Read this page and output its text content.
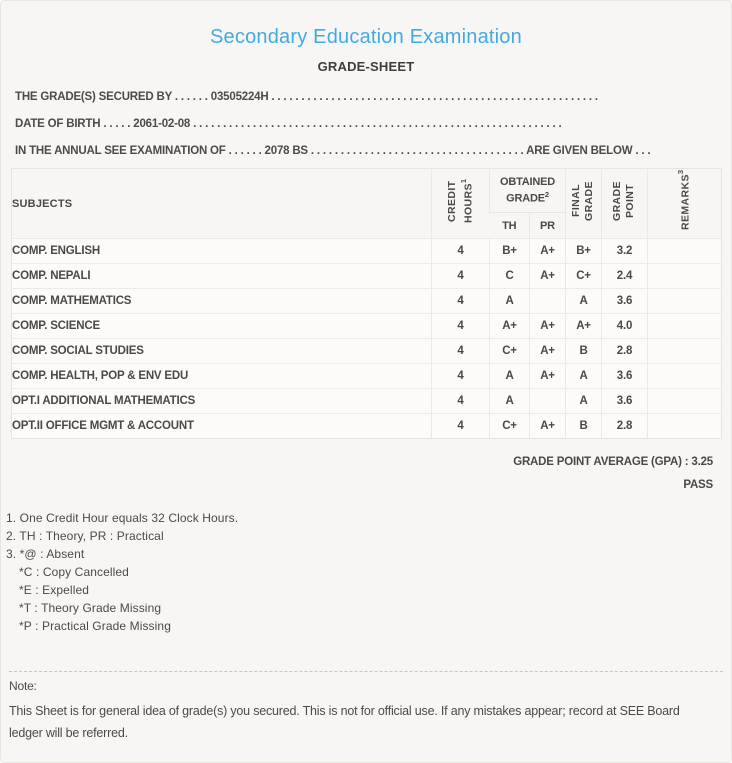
Secondary Education Examination
GRADE-SHEET
THE GRADE(S) SECURED BY . . . . . . 03505224H . . . . . . . . . . . . . . . . . . . . . . . . . . . . . . . . . . . . . . . . . . . . . . . . . . . . . . .
DATE OF BIRTH . . . . . 2061-02-08 . . . . . . . . . . . . . . . . . . . . . . . . . . . . . . . . . . . . . . . . . . . . . . . . . . . . . . . . . . . . . .
IN THE ANNUAL SEE EXAMINATION OF . . . . . . 2078 BS . . . . . . . . . . . . . . . . . . . . . . . . . . . . . . . . . . . . ARE GIVEN BELOW . . .
SUBJECTS	CREDIT HOURS$^1$	OBTAINED GRADE$^2$		FINAL GRADE	GRADE POINT	REMARKS$^3$
		TH	PR			
COMP. ENGLISH	4	B+	A+	B+	3.2	
COMP. NEPALI	4	C	A+	C+	2.4	
COMP. MATHEMATICS	4	A		A	3.6	
COMP. SCIENCE	4	A+	A+	A+	4.0	
COMP. SOCIAL STUDIES	4	C+	A+	B	2.8	
COMP. HEALTH, POP & ENV EDU	4	A	A+	A	3.6	
OPT.I ADDITIONAL MATHEMATICS	4	A		A	3.6	
OPT.II OFFICE MGMT & ACCOUNT	4	C+	A+	B	2.8	
GRADE POINT AVERAGE (GPA) : 3.25
PASS
1. One Credit Hour equals 32 Clock Hours.
2. TH : Theory, PR : Practical
3. *@ : Absent
*C : Copy Cancelled
*E : Expelled
*T : Theory Grade Missing
*P : Practical Grade Missing
Note:
This Sheet is for general idea of grade(s) you secured. This is not for official use. If any mistakes appear; record at SEE Board ledger will be referred.
